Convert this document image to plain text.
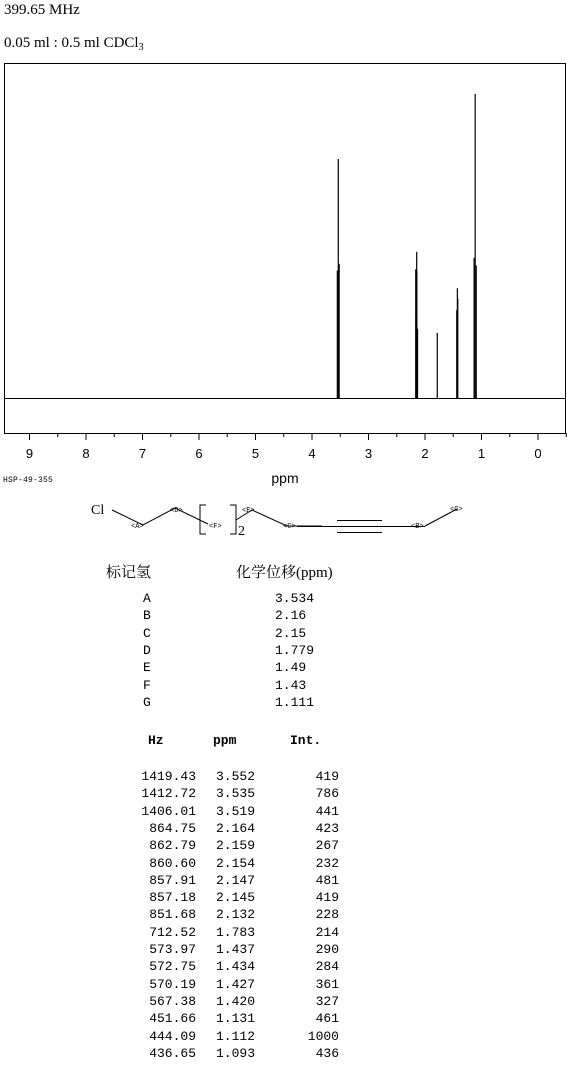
399.65 MHz
0.05 ml : 0.5 ml CDCl$_3$
9	8	7	6	5	4	3	2	1	0
ppm
HSP-49-355
Cl
2
<A>
<D>
<F>
<E>
<C>	<B>
<G>
标记氢	化学位移(ppm)
A	3.534
B	2.16
C	2.15
D	1.779
E	1.49
F	1.43
G	1.111
Hz	ppm	Int.
1419.43	3.552	419
1412.72	3.535	786
1406.01	3.519	441
864.75	2.164	423
862.79	2.159	267
860.60	2.154	232
857.91	2.147	481
857.18	2.145	419
851.68	2.132	228
712.52	1.783	214
573.97	1.437	290
572.75	1.434	284
570.19	1.427	361
567.38	1.420	327
451.66	1.131	461
444.09	1.112	1000
436.65	1.093	436
